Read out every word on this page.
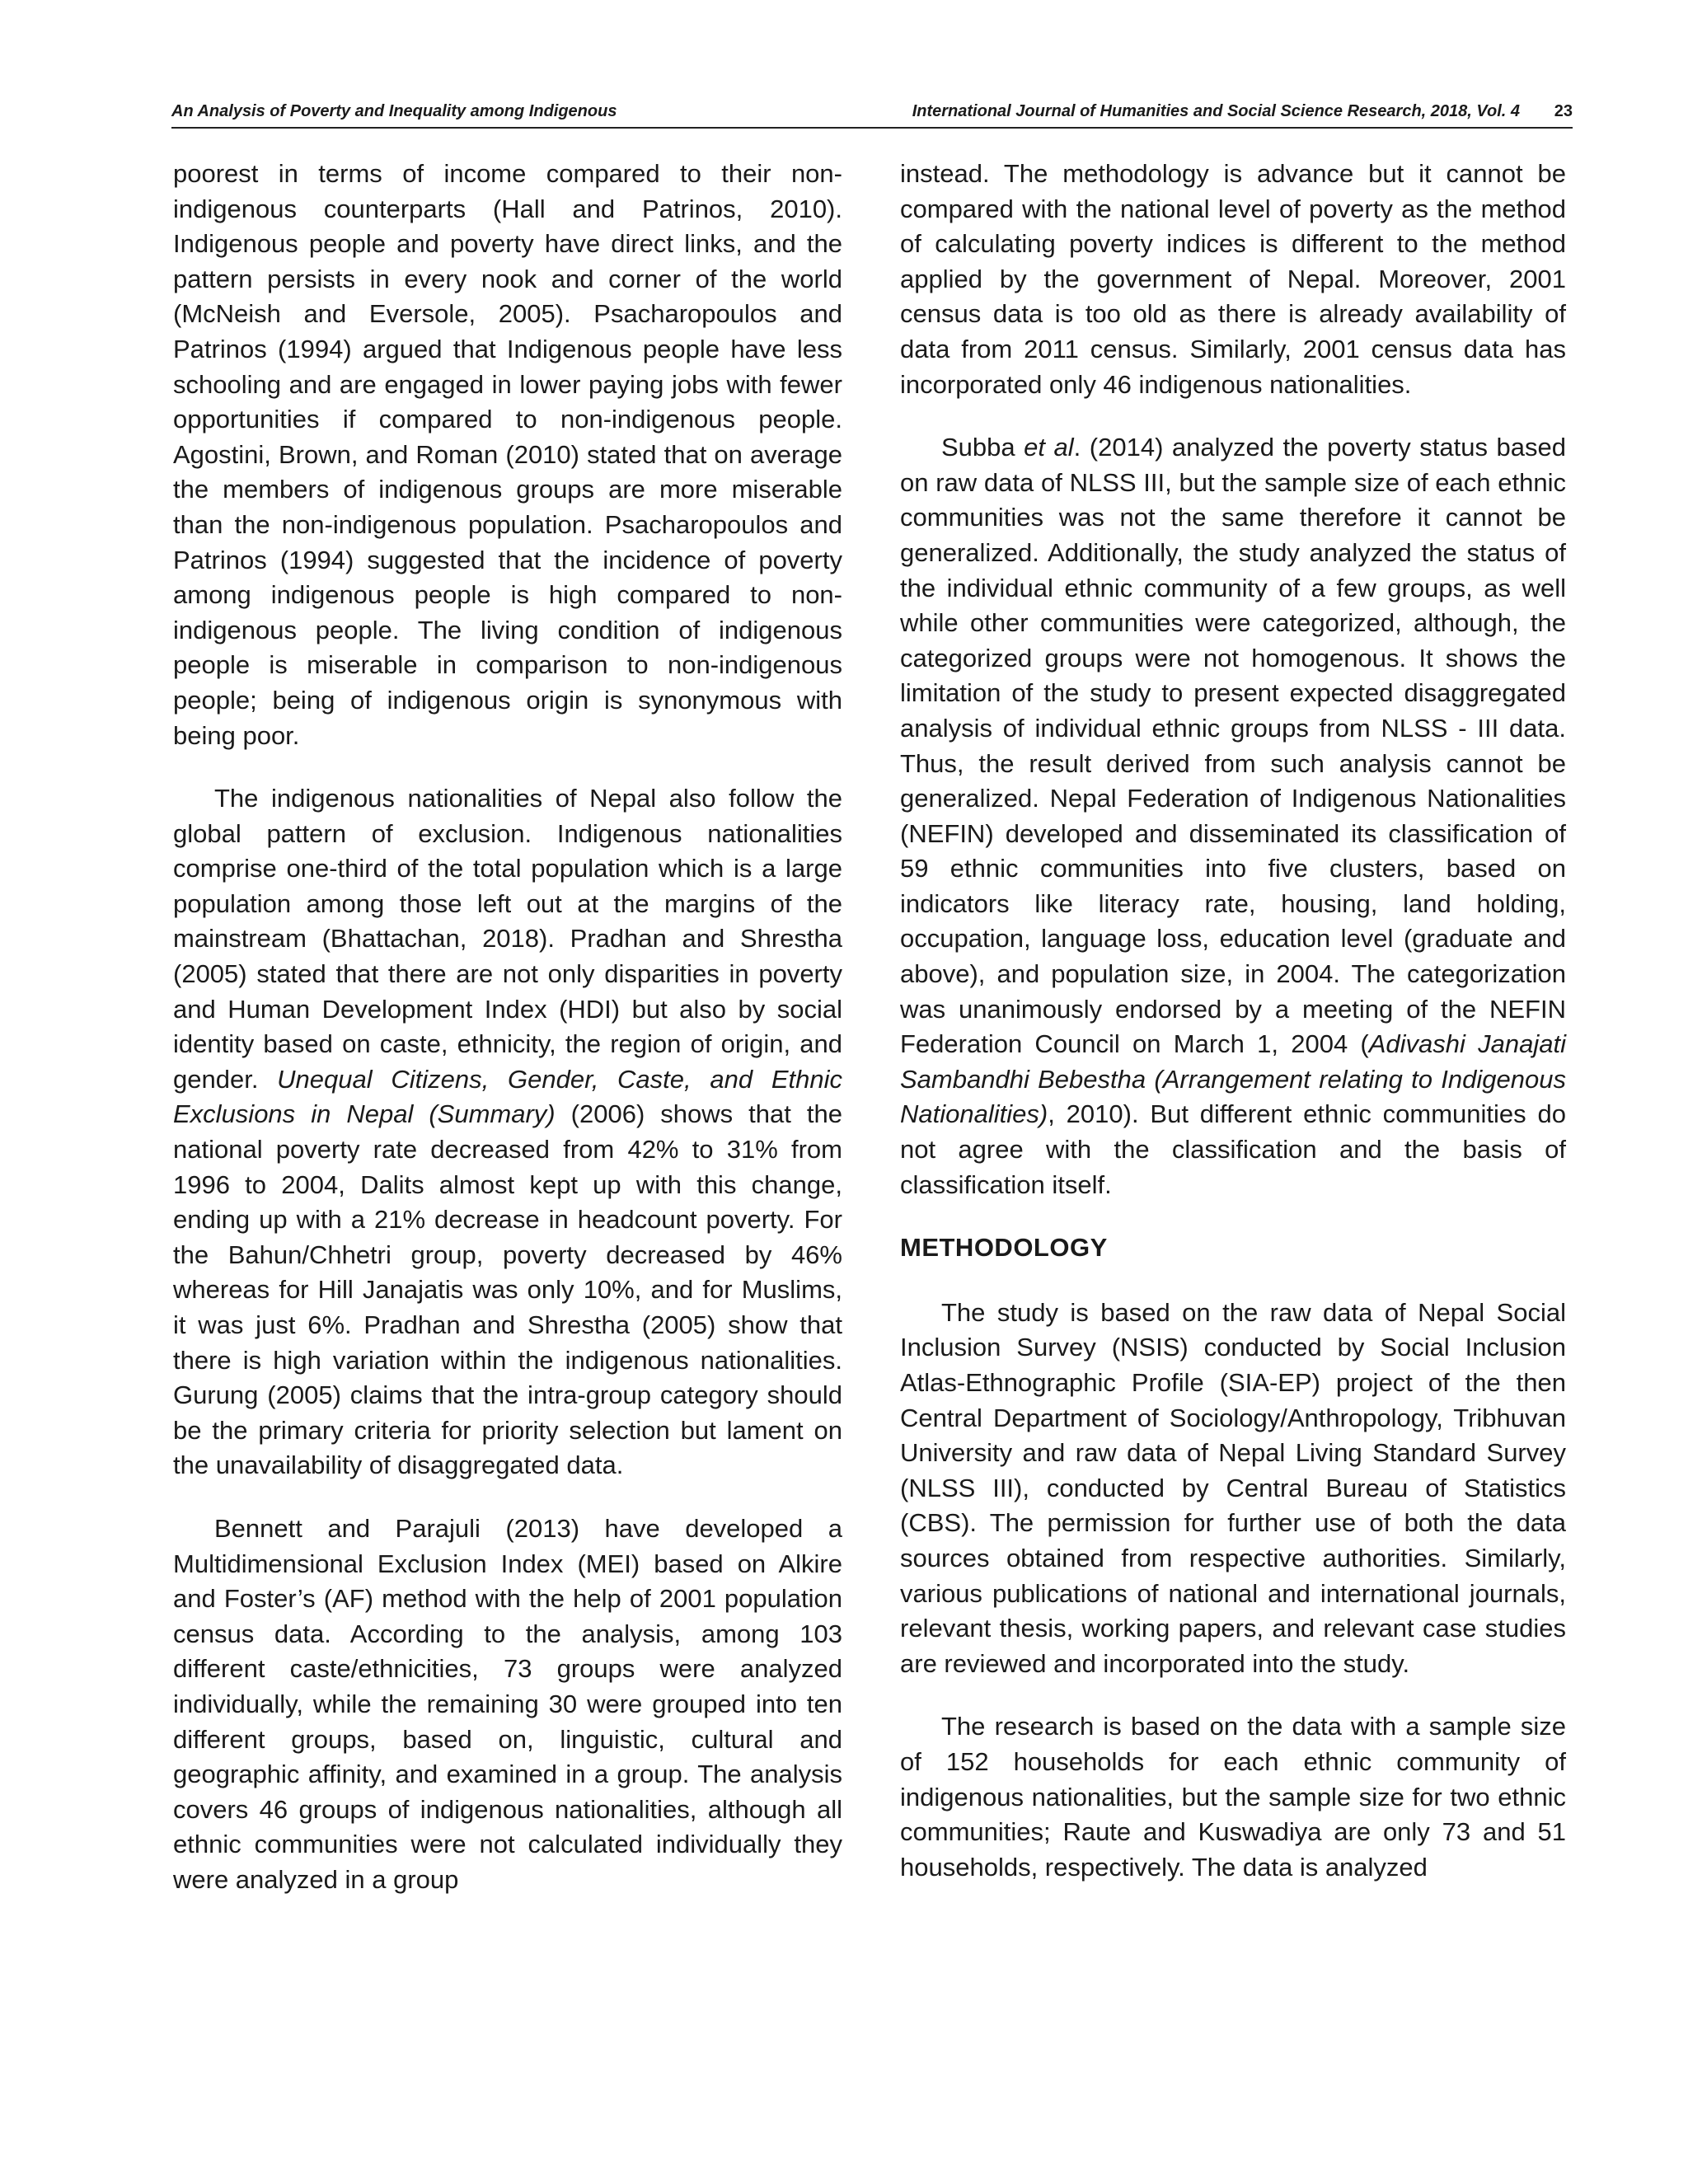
An Analysis of Poverty and Inequality among Indigenous	International Journal of Humanities and Social Science Research, 2018, Vol. 4 23

poorest in terms of income compared to their non-indigenous counterparts (Hall and Patrinos, 2010). Indigenous people and poverty have direct links, and the pattern persists in every nook and corner of the world (McNeish and Eversole, 2005). Psacharopoulos and Patrinos (1994) argued that Indigenous people have less schooling and are engaged in lower paying jobs with fewer opportunities if compared to non-indigenous people. Agostini, Brown, and Roman (2010) stated that on average the members of indigenous groups are more miserable than the non-indigenous population. Psacharopoulos and Patrinos (1994) suggested that the incidence of poverty among indigenous people is high compared to non-indigenous people. The living condition of indigenous people is miserable in comparison to non-indigenous people; being of indigenous origin is synonymous with being poor.

The indigenous nationalities of Nepal also follow the global pattern of exclusion. Indigenous nationalities comprise one-third of the total population which is a large population among those left out at the margins of the mainstream (Bhattachan, 2018). Pradhan and Shrestha (2005) stated that there are not only disparities in poverty and Human Development Index (HDI) but also by social identity based on caste, ethnicity, the region of origin, and gender. Unequal Citizens, Gender, Caste, and Ethnic Exclusions in Nepal (Summary) (2006) shows that the national poverty rate decreased from 42% to 31% from 1996 to 2004, Dalits almost kept up with this change, ending up with a 21% decrease in headcount poverty. For the Bahun/Chhetri group, poverty decreased by 46% whereas for Hill Janajatis was only 10%, and for Muslims, it was just 6%. Pradhan and Shrestha (2005) show that there is high variation within the indigenous nationalities. Gurung (2005) claims that the intra-group category should be the primary criteria for priority selection but lament on the unavailability of disaggregated data.

Bennett and Parajuli (2013) have developed a Multidimensional Exclusion Index (MEI) based on Alkire and Foster’s (AF) method with the help of 2001 population census data. According to the analysis, among 103 different caste/ethnicities, 73 groups were analyzed individually, while the remaining 30 were grouped into ten different groups, based on, linguistic, cultural and geographic affinity, and examined in a group. The analysis covers 46 groups of indigenous nationalities, although all ethnic communities were not calculated individually they were analyzed in a group

instead. The methodology is advance but it cannot be compared with the national level of poverty as the method of calculating poverty indices is different to the method applied by the government of Nepal. Moreover, 2001 census data is too old as there is already availability of data from 2011 census. Similarly, 2001 census data has incorporated only 46 indigenous nationalities.

Subba et al. (2014) analyzed the poverty status based on raw data of NLSS III, but the sample size of each ethnic communities was not the same therefore it cannot be generalized. Additionally, the study analyzed the status of the individual ethnic community of a few groups, as well while other communities were categorized, although, the categorized groups were not homogenous. It shows the limitation of the study to present expected disaggregated analysis of individual ethnic groups from NLSS - III data. Thus, the result derived from such analysis cannot be generalized. Nepal Federation of Indigenous Nationalities (NEFIN) developed and disseminated its classification of 59 ethnic communities into five clusters, based on indicators like literacy rate, housing, land holding, occupation, language loss, education level (graduate and above), and population size, in 2004. The categorization was unanimously endorsed by a meeting of the NEFIN Federation Council on March 1, 2004 (Adivashi Janajati Sambandhi Bebestha (Arrangement relating to Indigenous Nationalities), 2010). But different ethnic communities do not agree with the classification and the basis of classification itself.

METHODOLOGY

The study is based on the raw data of Nepal Social Inclusion Survey (NSIS) conducted by Social Inclusion Atlas-Ethnographic Profile (SIA-EP) project of the then Central Department of Sociology/Anthropology, Tribhuvan University and raw data of Nepal Living Standard Survey (NLSS III), conducted by Central Bureau of Statistics (CBS). The permission for further use of both the data sources obtained from respective authorities. Similarly, various publications of national and international journals, relevant thesis, working papers, and relevant case studies are reviewed and incorporated into the study.

The research is based on the data with a sample size of 152 households for each ethnic community of indigenous nationalities, but the sample size for two ethnic communities; Raute and Kuswadiya are only 73 and 51 households, respectively. The data is analyzed
